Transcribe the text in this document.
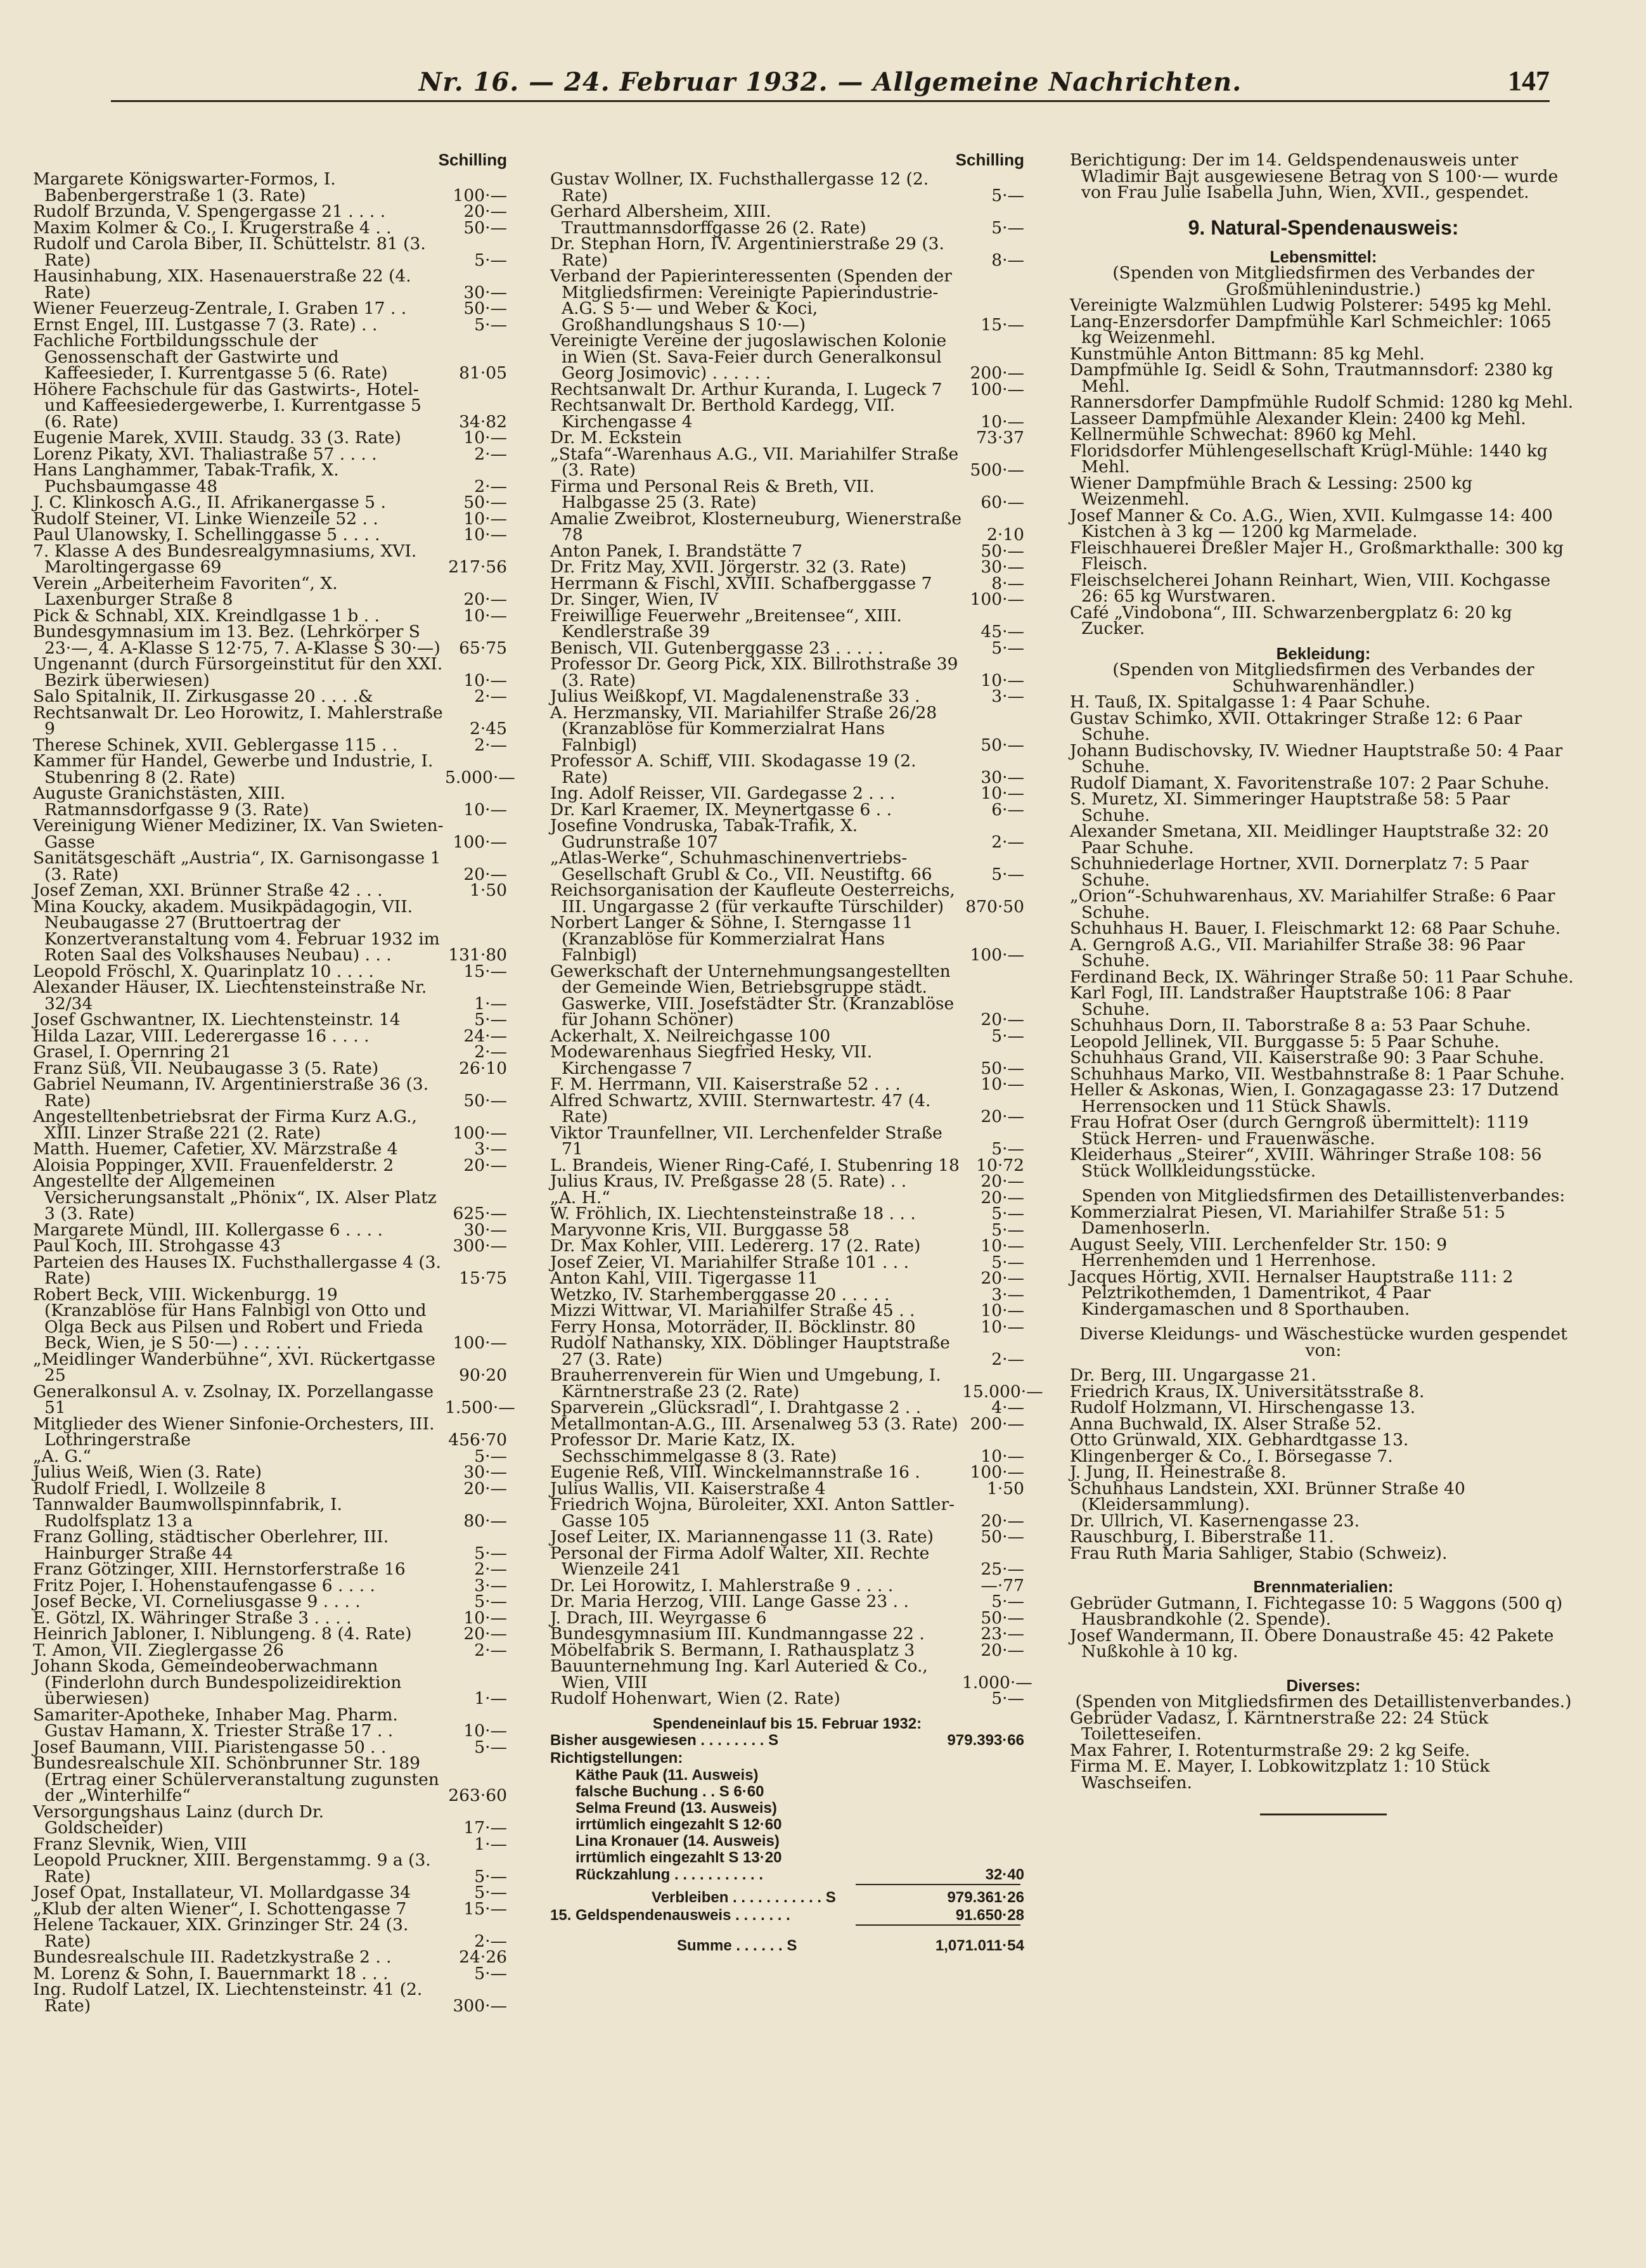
Nr. 16. — 24. Februar 1932. — Allgemeine Nachrichten.	147
Schilling
Margarete Königswarter-Formos, I. Babenbergerstraße 1 (3. Rate)	100·—
Rudolf Brzunda, V. Spengergasse 21 . . . .	20·—
Maxim Kolmer & Co., I. Krugerstraße 4 . .	50·—
Rudolf und Carola Biber, II. Schüttelstr. 81 (3. Rate)	5·—
Hausinhabung, XIX. Hasenauerstraße 22 (4. Rate)	30·—
Wiener Feuerzeug-Zentrale, I. Graben 17 . .	50·—
Ernst Engel, III. Lustgasse 7 (3. Rate) . .	5·—
Fachliche Fortbildungsschule der Genossenschaft der Gastwirte und Kaffeesieder, I. Kurrentgasse 5 (6. Rate)	81·05
Höhere Fachschule für das Gastwirts-, Hotel- und Kaffeesiedergewerbe, I. Kurrentgasse 5 (6. Rate)	34·82
Eugenie Marek, XVIII. Staudg. 33 (3. Rate)	10·—
Lorenz Pikaty, XVI. Thaliastraße 57 . . . .	2·—
Hans Langhammer, Tabak-Trafik, X. Puchsbaumgasse 48	2·—
J. C. Klinkosch A.G., II. Afrikanergasse 5 .	50·—
Rudolf Steiner, VI. Linke Wienzeile 52 . .	10·—
Paul Ulanowsky, I. Schellinggasse 5 . . . .	10·—
7. Klasse A des Bundesrealgymnasiums, XVI. Maroltingergasse 69	217·56
Verein „Arbeiterheim Favoriten“, X. Laxenburger Straße 8	20·—
Pick & Schnabl, XIX. Kreindlgasse 1 b . .	10·—
Bundesgymnasium im 13. Bez. (Lehrkörper S 23·—, 4. A-Klasse S 12·75, 7. A-Klasse S 30·—)	65·75
Ungenannt (durch Fürsorgeinstitut für den XXI. Bezirk überwiesen)	10·—
Salo Spitalnik, II. Zirkusgasse 20 . . . .&	2·—
Rechtsanwalt Dr. Leo Horowitz, I. Mahlerstraße 9	2·45
Therese Schinek, XVII. Geblergasse 115 . .	2·—
Kammer für Handel, Gewerbe und Industrie, I. Stubenring 8 (2. Rate)	5.000·—
Auguste Granichstästen, XIII. Ratmannsdorfgasse 9 (3. Rate)	10·—
Vereinigung Wiener Mediziner, IX. Van Swieten-Gasse	100·—
Sanitätsgeschäft „Austria“, IX. Garnisongasse 1 (3. Rate)	20·—
Josef Zeman, XXI. Brünner Straße 42 . . .	1·50
Mina Koucky, akadem. Musikpädagogin, VII. Neubaugasse 27 (Bruttoertrag der Konzertveranstaltung vom 4. Februar 1932 im Roten Saal des Volkshauses Neubau) . . .	131·80
Leopold Fröschl, X. Quarinplatz 10 . . . .	15·—
Alexander Häuser, IX. Liechtensteinstraße Nr. 32/34	1·—
Josef Gschwantner, IX. Liechtensteinstr. 14	5·—
Hilda Lazar, VIII. Lederergasse 16 . . . .	24·—
Grasel, I. Opernring 21	2·—
Franz Süß, VII. Neubaugasse 3 (5. Rate)	26·10
Gabriel Neumann, IV. Argentinierstraße 36 (3. Rate)	50·—
Angestelltenbetriebsrat der Firma Kurz A.G., XIII. Linzer Straße 221 (2. Rate)	100·—
Matth. Huemer, Cafetier, XV. Märzstraße 4	3·—
Aloisia Poppinger, XVII. Frauenfelderstr. 2	20·—
Angestellte der Allgemeinen Versicherungsanstalt „Phönix“, IX. Alser Platz 3 (3. Rate)	625·—
Margarete Mündl, III. Kollergasse 6 . . . .	30·—
Paul Koch, III. Strohgasse 43	300·—
Parteien des Hauses IX. Fuchsthallergasse 4 (3. Rate)	15·75
Robert Beck, VIII. Wickenburgg. 19 (Kranzablöse für Hans Falnbigl von Otto und Olga Beck aus Pilsen und Robert und Frieda Beck, Wien, je S 50·—) . . . . . .	100·—
„Meidlinger Wanderbühne“, XVI. Rückertgasse 25	90·20
Generalkonsul A. v. Zsolnay, IX. Porzellangasse 51	1.500·—
Mitglieder des Wiener Sinfonie-Orchesters, III. Lothringerstraße	456·70
„A. G.“	5·—
Julius Weiß, Wien (3. Rate)	30·—
Rudolf Friedl, I. Wollzeile 8	20·—
Tannwalder Baumwollspinnfabrik, I. Rudolfsplatz 13 a	80·—
Franz Golling, städtischer Oberlehrer, III. Hainburger Straße 44	5·—
Franz Götzinger, XIII. Hernstorferstraße 16	2·—
Fritz Pojer, I. Hohenstaufengasse 6 . . . .	3·—
Josef Becke, VI. Corneliusgasse 9 . . . .	5·—
E. Götzl, IX. Währinger Straße 3 . . . .	10·—
Heinrich Jabloner, I. Niblungeng. 8 (4. Rate)	20·—
T. Amon, VII. Zieglergasse 26	2·—
Johann Skoda, Gemeindeoberwachmann (Finderlohn durch Bundespolizeidirektion überwiesen)	1·—
Samariter-Apotheke, Inhaber Mag. Pharm. Gustav Hamann, X. Triester Straße 17 . .	10·—
Josef Baumann, VIII. Piaristengasse 50 . .	5·—
Bundesrealschule XII. Schönbrunner Str. 189 (Ertrag einer Schülerveranstaltung zugunsten der „Winterhilfe“	263·60
Versorgungshaus Lainz (durch Dr. Goldscheider)	17·—
Franz Slevnik, Wien, VIII	1·—
Leopold Pruckner, XIII. Bergenstammg. 9 a (3. Rate)	5·—
Josef Opat, Installateur, VI. Mollardgasse 34	5·—
„Klub der alten Wiener“, I. Schottengasse 7	15·—
Helene Tackauer, XIX. Grinzinger Str. 24 (3. Rate)	2·—
Bundesrealschule III. Radetzkystraße 2 . .	24·26
M. Lorenz & Sohn, I. Bauernmarkt 18 . . .	5·—
Ing. Rudolf Latzel, IX. Liechtensteinstr. 41 (2. Rate)	300·—
Schilling
Gustav Wollner, IX. Fuchsthallergasse 12 (2. Rate)	5·—
Gerhard Albersheim, XIII. Trauttmannsdorffgasse 26 (2. Rate)	5·—
Dr. Stephan Horn, IV. Argentinierstraße 29 (3. Rate)	8·—
Verband der Papierinteressenten (Spenden der Mitgliedsfirmen: Vereinigte Papierindustrie-A.G. S 5·— und Weber & Koci, Großhandlungshaus S 10·—)	15·—
Vereinigte Vereine der jugoslawischen Kolonie in Wien (St. Sava-Feier durch Generalkonsul Georg Josimovic) . . . . . .	200·—
Rechtsanwalt Dr. Arthur Kuranda, I. Lugeck 7	100·—
Rechtsanwalt Dr. Berthold Kardegg, VII. Kirchengasse 4	10·—
Dr. M. Eckstein	73·37
„Stafa“-Warenhaus A.G., VII. Mariahilfer Straße (3. Rate)	500·—
Firma und Personal Reis & Breth, VII. Halbgasse 25 (3. Rate)	60·—
Amalie Zweibrot, Klosterneuburg, Wienerstraße 78	2·10
Anton Panek, I. Brandstätte 7	50·—
Dr. Fritz May, XVII. Jörgerstr. 32 (3. Rate)	30·—
Herrmann & Fischl, XVIII. Schafberggasse 7	8·—
Dr. Singer, Wien, IV	100·—
Freiwillige Feuerwehr „Breitensee“, XIII. Kendlerstraße 39	45·—
Benisch, VII. Gutenberggasse 23 . . . . .	5·—
Professor Dr. Georg Pick, XIX. Billrothstraße 39 (3. Rate)	10·—
Julius Weißkopf, VI. Magdalenenstraße 33 .	3·—
A. Herzmansky, VII. Mariahilfer Straße 26/28 (Kranzablöse für Kommerzialrat Hans Falnbigl)	50·—
Professor A. Schiff, VIII. Skodagasse 19 (2. Rate)	30·—
Ing. Adolf Reisser, VII. Gardegasse 2 . . .	10·—
Dr. Karl Kraemer, IX. Meynertgasse 6 . .	6·—
Josefine Vondruska, Tabak-Trafik, X. Gudrunstraße 107	2·—
„Atlas-Werke“, Schuhmaschinenvertriebs-Gesellschaft Grubl & Co., VII. Neustiftg. 66	5·—
Reichsorganisation der Kaufleute Oesterreichs, III. Ungargasse 2 (für verkaufte Türschilder)	870·50
Norbert Langer & Söhne, I. Sterngasse 11 (Kranzablöse für Kommerzialrat Hans Falnbigl)	100·—
Gewerkschaft der Unternehmungsangestellten der Gemeinde Wien, Betriebsgruppe städt. Gaswerke, VIII. Josefstädter Str. (Kranzablöse für Johann Schöner)	20·—
Ackerhalt, X. Neilreichgasse 100	5·—
Modewarenhaus Siegfried Hesky, VII. Kirchengasse 7	50·—
F. M. Herrmann, VII. Kaiserstraße 52 . . .	10·—
Alfred Schwartz, XVIII. Sternwartestr. 47 (4. Rate)	20·—
Viktor Traunfellner, VII. Lerchenfelder Straße 71	5·—
L. Brandeis, Wiener Ring-Café, I. Stubenring 18 10·72
Julius Kraus, IV. Preßgasse 28 (5. Rate) . .	20·—
„A. H.“	20·—
W. Fröhlich, IX. Liechtensteinstraße 18 . . .	5·—
Maryvonne Kris, VII. Burggasse 58	5·—
Dr. Max Kohler, VIII. Ledererg. 17 (2. Rate)	10·—
Josef Zeier, VI. Mariahilfer Straße 101 . . .	5·—
Anton Kahl, VIII. Tigergasse 11	20·—
Wetzko, IV. Starhemberggasse 20 . . . . .	3·—
Mizzi Wittwar, VI. Mariahilfer Straße 45 . .	10·—
Ferry Honsa, Motorräder, II. Böcklinstr. 80	10·—
Rudolf Nathansky, XIX. Döblinger Hauptstraße 27 (3. Rate)	2·—
Brauherrenverein für Wien und Umgebung, I. Kärntnerstraße 23 (2. Rate)	15.000·—
Sparverein „Glücksradl“, I. Drahtgasse 2 . .	4·—
Metallmontan-A.G., III. Arsenalweg 53 (3. Rate) 200·—
Professor Dr. Marie Katz, IX. Sechsschimmelgasse 8 (3. Rate)	10·—
Eugenie Reß, VIII. Winckelmannstraße 16 .	100·—
Julius Wallis, VII. Kaiserstraße 4	1·50
Friedrich Wojna, Büroleiter, XXI. Anton Sattler-Gasse 105	20·—
Josef Leiter, IX. Mariannengasse 11 (3. Rate)	50·—
Personal der Firma Adolf Walter, XII. Rechte Wienzeile 241	25·—
Dr. Lei Horowitz, I. Mahlerstraße 9 . . . .	—·77
Dr. Maria Herzog, VIII. Lange Gasse 23 . .	5·—
J. Drach, III. Weyrgasse 6	50·—
Bundesgymnasium III. Kundmanngasse 22 .	23·—
Möbelfabrik S. Bermann, I. Rathausplatz 3	20·—
Bauunternehmung Ing. Karl Auteried & Co., Wien, VIII	1.000·—
Rudolf Hohenwart, Wien (2. Rate)	5·—
Spendeneinlauf bis 15. Februar 1932:
Bisher ausgewiesen . . . . . . . . S	979.393·66
Richtigstellungen:
Käthe Pauk (11. Ausweis)
falsche Buchung . . S 6·60
Selma Freund (13. Ausweis)
irrtümlich eingezahlt S 12·60
Lina Kronauer (14. Ausweis)
irrtümlich eingezahlt S 13·20
Rückzahlung . . . . . . . . . . .	32·40
Verbleiben . . . . . . . . . . . S	979.361·26
15. Geldspendenausweis . . . . . . .	91.650·28
Summe . . . . . . S	1,071.011·54
Berichtigung: Der im 14. Geldspendenausweis unter Wladimir Bajt ausgewiesene Betrag von S 100·— wurde von Frau Julie Isabella Juhn, Wien, XVII., gespendet.
9. Natural-Spendenausweis:
Lebensmittel:
(Spenden von Mitgliedsfirmen des Verbandes der Großmühlenindustrie.)
Vereinigte Walzmühlen Ludwig Polsterer: 5495 kg Mehl.
Lang-Enzersdorfer Dampfmühle Karl Schmeichler: 1065 kg Weizenmehl.
Kunstmühle Anton Bittmann: 85 kg Mehl.
Dampfmühle Ig. Seidl & Sohn, Trautmannsdorf: 2380 kg Mehl.
Rannersdorfer Dampfmühle Rudolf Schmid: 1280 kg Mehl.
Lasseer Dampfmühle Alexander Klein: 2400 kg Mehl.
Kellnermühle Schwechat: 8960 kg Mehl.
Floridsdorfer Mühlengesellschaft Krügl-Mühle: 1440 kg Mehl.
Wiener Dampfmühle Brach & Lessing: 2500 kg Weizenmehl.
Josef Manner & Co. A.G., Wien, XVII. Kulmgasse 14: 400 Kistchen à 3 kg — 1200 kg Marmelade.
Fleischhauerei Dreßler Majer H., Großmarkthalle: 300 kg Fleisch.
Fleischselcherei Johann Reinhart, Wien, VIII. Kochgasse 26: 65 kg Wurstwaren.
Café „Vindobona“, III. Schwarzenbergplatz 6: 20 kg Zucker.
Bekleidung:
(Spenden von Mitgliedsfirmen des Verbandes der Schuhwarenhändler.)
H. Tauß, IX. Spitalgasse 1: 4 Paar Schuhe.
Gustav Schimko, XVII. Ottakringer Straße 12: 6 Paar Schuhe.
Johann Budischovsky, IV. Wiedner Hauptstraße 50: 4 Paar Schuhe.
Rudolf Diamant, X. Favoritenstraße 107: 2 Paar Schuhe.
S. Muretz, XI. Simmeringer Hauptstraße 58: 5 Paar Schuhe.
Alexander Smetana, XII. Meidlinger Hauptstraße 32: 20 Paar Schuhe.
Schuhniederlage Hortner, XVII. Dornerplatz 7: 5 Paar Schuhe.
„Orion“-Schuhwarenhaus, XV. Mariahilfer Straße: 6 Paar Schuhe.
Schuhhaus H. Bauer, I. Fleischmarkt 12: 68 Paar Schuhe.
A. Gerngroß A.G., VII. Mariahilfer Straße 38: 96 Paar Schuhe.
Ferdinand Beck, IX. Währinger Straße 50: 11 Paar Schuhe.
Karl Fogl, III. Landstraßer Hauptstraße 106: 8 Paar Schuhe.
Schuhhaus Dorn, II. Taborstraße 8 a: 53 Paar Schuhe.
Leopold Jellinek, VII. Burggasse 5: 5 Paar Schuhe.
Schuhhaus Grand, VII. Kaiserstraße 90: 3 Paar Schuhe.
Schuhhaus Marko, VII. Westbahnstraße 8: 1 Paar Schuhe.
Heller & Askonas, Wien, I. Gonzagagasse 23: 17 Dutzend Herrensocken und 11 Stück Shawls.
Frau Hofrat Oser (durch Gerngroß übermittelt): 1119 Stück Herren- und Frauenwäsche.
Kleiderhaus „Steirer“, XVIII. Währinger Straße 108: 56 Stück Wollkleidungsstücke.
Spenden von Mitgliedsfirmen des Detaillistenverbandes:
Kommerzialrat Piesen, VI. Mariahilfer Straße 51: 5 Damenhoserln.
August Seely, VIII. Lerchenfelder Str. 150: 9 Herrenhemden und 1 Herrenhose.
Jacques Hörtig, XVII. Hernalser Hauptstraße 111: 2 Pelztrikothemden, 1 Damentrikot, 4 Paar Kindergamaschen und 8 Sporthauben.
Diverse Kleidungs- und Wäschestücke wurden gespendet von:
Dr. Berg, III. Ungargasse 21.
Friedrich Kraus, IX. Universitätsstraße 8.
Rudolf Holzmann, VI. Hirschengasse 13.
Anna Buchwald, IX. Alser Straße 52.
Otto Grünwald, XIX. Gebhardtgasse 13.
Klingenberger & Co., I. Börsegasse 7.
J. Jung, II. Heinestraße 8.
Schuhhaus Landstein, XXI. Brünner Straße 40 (Kleidersammlung).
Dr. Ullrich, VI. Kasernengasse 23.
Rauschburg, I. Biberstraße 11.
Frau Ruth Maria Sahliger, Stabio (Schweiz).
Brennmaterialien:
Gebrüder Gutmann, I. Fichtegasse 10: 5 Waggons (500 q) Hausbrandkohle (2. Spende).
Josef Wandermann, II. Obere Donaustraße 45: 42 Pakete Nußkohle à 10 kg.
Diverses:
(Spenden von Mitgliedsfirmen des Detaillistenverbandes.)
Gebrüder Vadasz, I. Kärntnerstraße 22: 24 Stück Toiletteseifen.
Max Fahrer, I. Rotenturmstraße 29: 2 kg Seife.
Firma M. E. Mayer, I. Lobkowitzplatz 1: 10 Stück Waschseifen.
